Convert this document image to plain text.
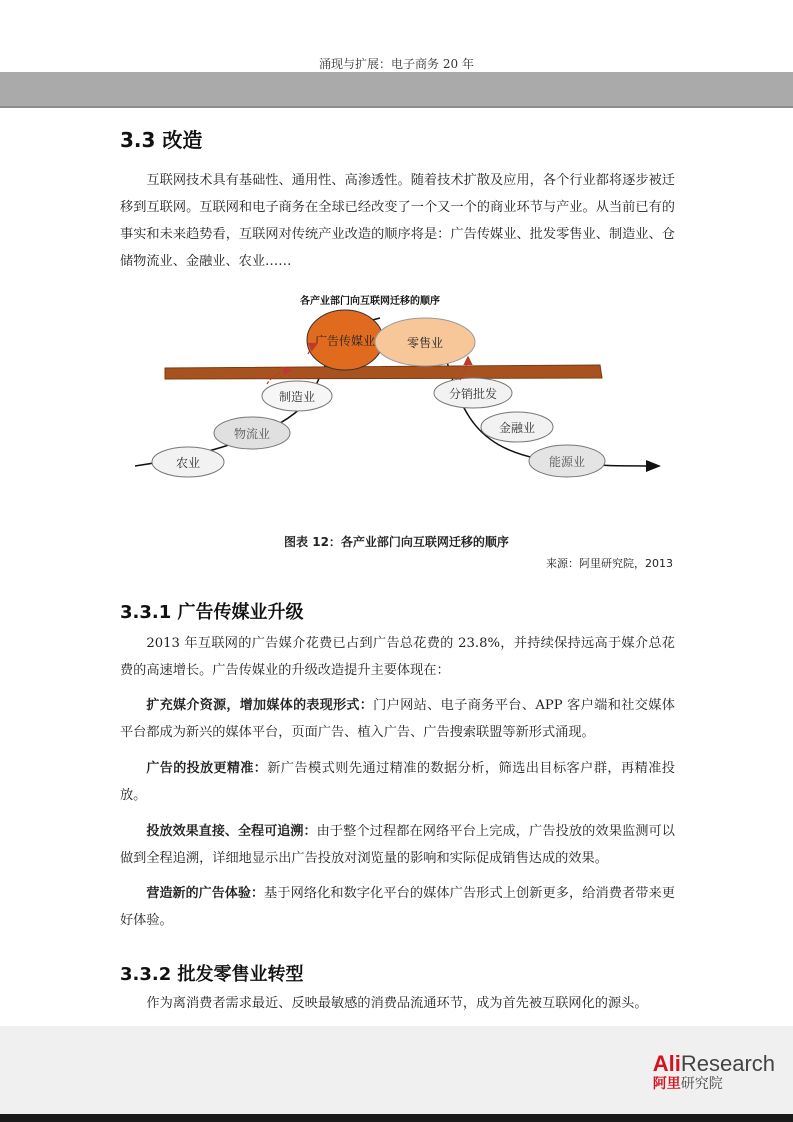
涌现与扩展：电子商务 20 年
3.3 改造

互联网技术具有基础性、通用性、高渗透性。随着技术扩散及应用，各个行业都将逐步被迁移到互联网。互联网和电子商务在全球已经改变了一个又一个的商业环节与产业。从当前已有的事实和未来趋势看，互联网对传统产业改造的顺序将是：广告传媒业、批发零售业、制造业、仓储物流业、金融业、农业……

各产业部门向互联网迁移的顺序
广告传媒业	零售业
制造业
物流业
农业
分销批发
金融业
能源业
图表 12：各产业部门向互联网迁移的顺序
来源：阿里研究院，2013
3.3.1 广告传媒业升级

2013 年互联网的广告媒介花费已占到广告总花费的 23.8%，并持续保持远高于媒介总花费的高速增长。广告传媒业的升级改造提升主要体现在：

扩充媒介资源，增加媒体的表现形式：门户网站、电子商务平台、APP 客户端和社交媒体平台都成为新兴的媒体平台，页面广告、植入广告、广告搜索联盟等新形式涌现。

广告的投放更精准：新广告模式则先通过精准的数据分析，筛选出目标客户群，再精准投放。

投放效果直接、全程可追溯：由于整个过程都在网络平台上完成，广告投放的效果监测可以做到全程追溯，详细地显示出广告投放对浏览量的影响和实际促成销售达成的效果。

营造新的广告体验：基于网络化和数字化平台的媒体广告形式上创新更多，给消费者带来更好体验。

3.3.2 批发零售业转型

作为离消费者需求最近、反映最敏感的消费品流通环节，成为首先被互联网化的源头。

AliResearch
阿里研究院
